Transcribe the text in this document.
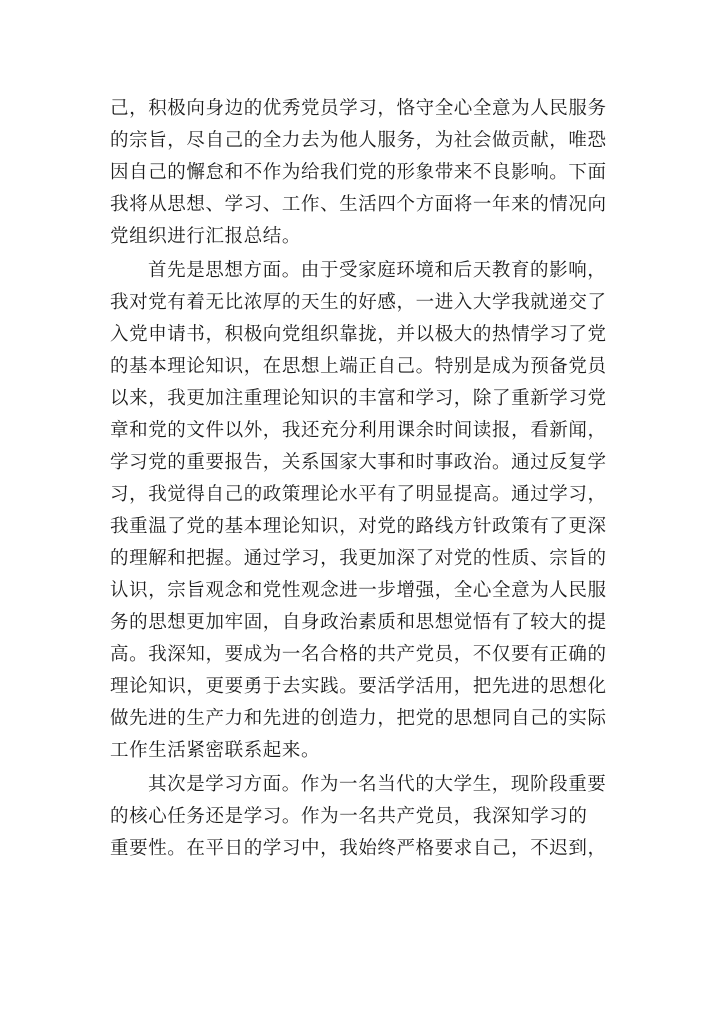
己，积极向身边的优秀党员学习，恪守全心全意为人民服务
的宗旨，尽自己的全力去为他人服务，为社会做贡献，唯恐
因自己的懈怠和不作为给我们党的形象带来不良影响。下面
我将从思想、学习、工作、生活四个方面将一年来的情况向
党组织进行汇报总结。
首先是思想方面。由于受家庭环境和后天教育的影响，
我对党有着无比浓厚的天生的好感，一进入大学我就递交了
入党申请书，积极向党组织靠拢，并以极大的热情学习了党
的基本理论知识，在思想上端正自己。特别是成为预备党员
以来，我更加注重理论知识的丰富和学习，除了重新学习党
章和党的文件以外，我还充分利用课余时间读报，看新闻，
学习党的重要报告，关系国家大事和时事政治。通过反复学
习，我觉得自己的政策理论水平有了明显提高。通过学习，
我重温了党的基本理论知识，对党的路线方针政策有了更深
的理解和把握。通过学习，我更加深了对党的性质、宗旨的
认识，宗旨观念和党性观念进一步增强，全心全意为人民服
务的思想更加牢固，自身政治素质和思想觉悟有了较大的提
高。我深知，要成为一名合格的共产党员，不仅要有正确的
理论知识，更要勇于去实践。要活学活用，把先进的思想化
做先进的生产力和先进的创造力，把党的思想同自己的实际
工作生活紧密联系起来。
其次是学习方面。作为一名当代的大学生，现阶段重要
的核心任务还是学习。作为一名共产党员，我深知学习的
重要性。在平日的学习中，我始终严格要求自己，不迟到，
